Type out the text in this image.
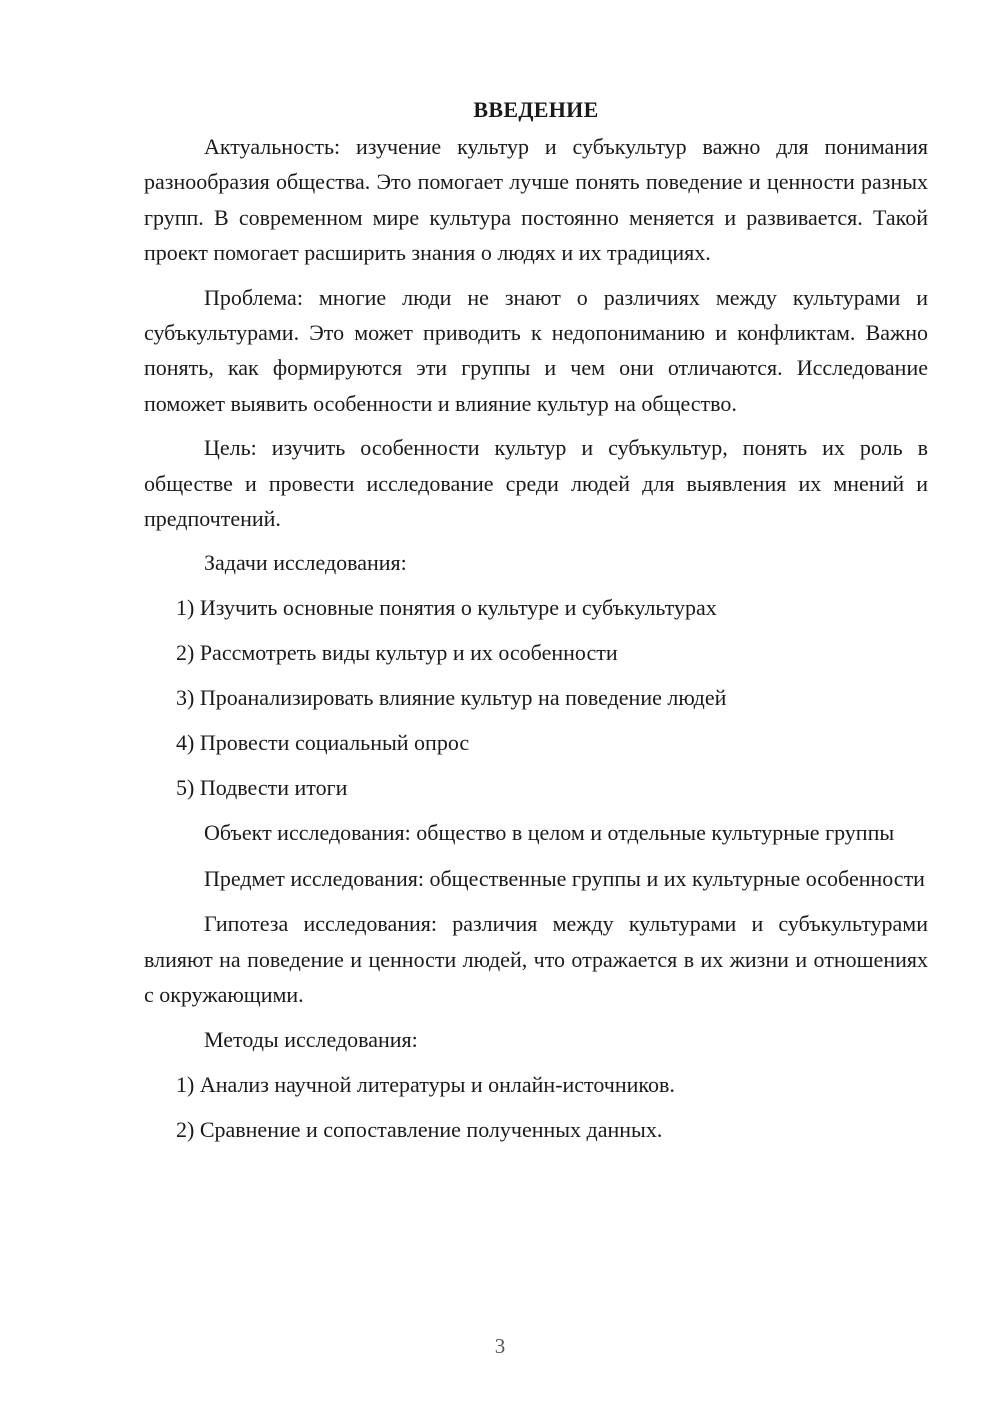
ВВЕДЕНИЕ

Актуальность: изучение культур и субъкультур важно для понимания разнообразия общества. Это помогает лучше понять поведение и ценности разных групп. В современном мире культура постоянно меняется и развивается. Такой проект помогает расширить знания о людях и их традициях.

Проблема: многие люди не знают о различиях между культурами и субъкультурами. Это может приводить к недопониманию и конфликтам. Важно понять, как формируются эти группы и чем они отличаются. Исследование поможет выявить особенности и влияние культур на общество.

Цель: изучить особенности культур и субъкультур, понять их роль в обществе и провести исследование среди людей для выявления их мнений и предпочтений.

Задачи исследования:

1) Изучить основные понятия о культуре и субъкультурах
2) Рассмотреть виды культур и их особенности
3) Проанализировать влияние культур на поведение людей
4) Провести социальный опрос
5) Подвести итоги

Объект исследования: общество в целом и отдельные культурные группы

Предмет исследования: общественные группы и их культурные особенности

Гипотеза исследования: различия между культурами и субъкультурами влияют на поведение и ценности людей, что отражается в их жизни и отношениях с окружающими.

Методы исследования:

1) Анализ научной литературы и онлайн-источников.
2) Сравнение и сопоставление полученных данных.
3
